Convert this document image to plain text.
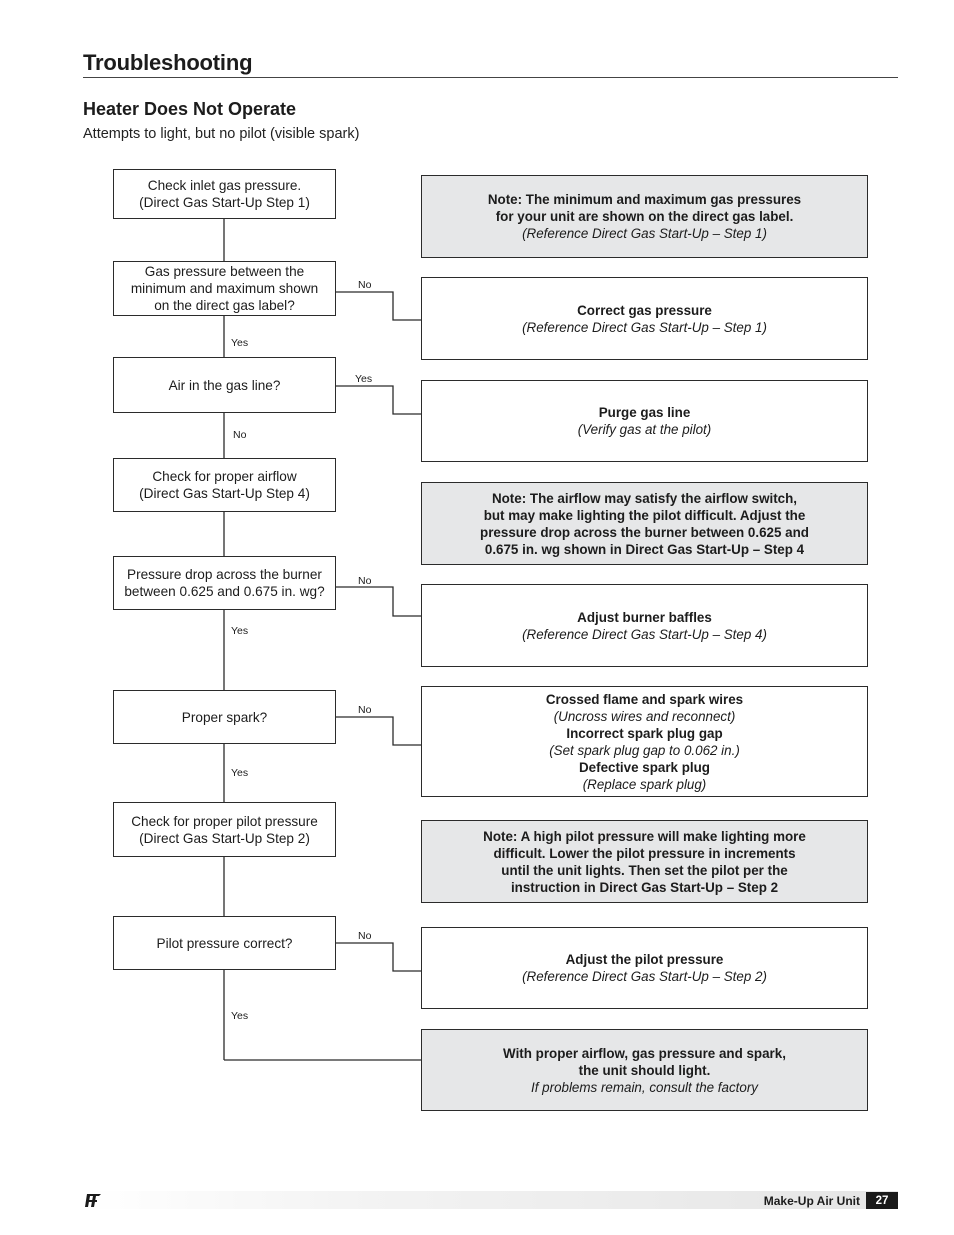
Troubleshooting
Heater Does Not Operate
Attempts to light, but no pilot (visible spark)
Check inlet gas pressure.
(Direct Gas Start-Up Step 1)
Gas pressure between the
minimum and maximum shown
on the direct gas label?
Air in the gas line?
Check for proper airflow
(Direct Gas Start-Up Step 4)
Pressure drop across the burner
between 0.625 and 0.675 in. wg?
Proper spark?
Check for proper pilot pressure
(Direct Gas Start-Up Step 2)
Pilot pressure correct?
No
Yes
Yes
No
No
Yes
No
Yes
No
Yes
Note: The minimum and maximum gas pressures
for your unit are shown on the direct gas label.
(Reference Direct Gas Start-Up – Step 1)
Correct gas pressure
(Reference Direct Gas Start-Up – Step 1)
Purge gas line
(Verify gas at the pilot)
Note: The airflow may satisfy the airflow switch,
but may make lighting the pilot difficult. Adjust the
pressure drop across the burner between 0.625 and
0.675 in. wg shown in Direct Gas Start-Up – Step 4
Adjust burner baffles
(Reference Direct Gas Start-Up – Step 4)
Crossed flame and spark wires
(Uncross wires and reconnect)
Incorrect spark plug gap
(Set spark plug gap to 0.062 in.)
Defective spark plug
(Replace spark plug)
Note: A high pilot pressure will make lighting more
difficult. Lower the pilot pressure in increments
until the unit lights. Then set the pilot per the
instruction in Direct Gas Start-Up – Step 2
Adjust the pilot pressure
(Reference Direct Gas Start-Up – Step 2)
With proper airflow, gas pressure and spark,
the unit should light.
If problems remain, consult the factory
Make-Up Air Unit	27
